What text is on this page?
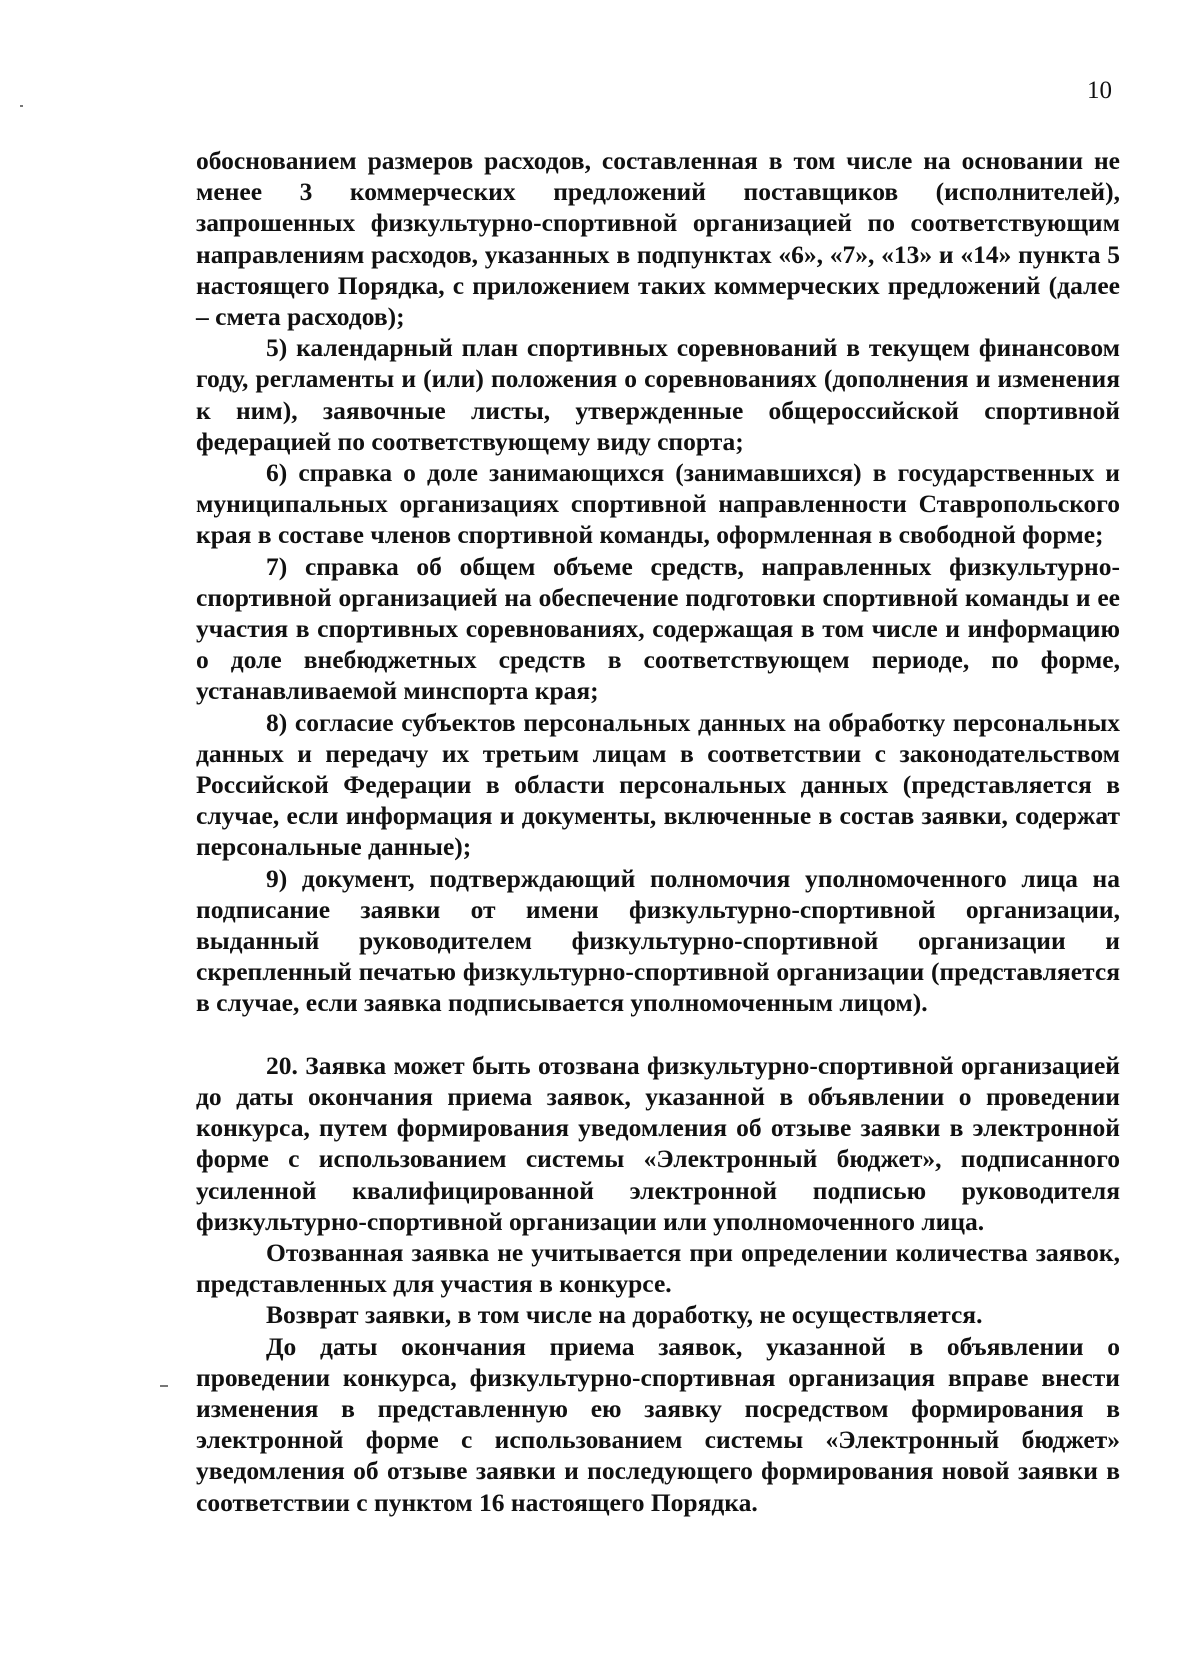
10

обоснованием размеров расходов, составленная в том числе на основании не менее 3 коммерческих предложений поставщиков (исполнителей), запрошенных физкультурно-спортивной организацией по соответствующим направлениям расходов, указанных в подпунктах «6», «7», «13» и «14» пункта 5 настоящего Порядка, с приложением таких коммерческих предложений (далее – смета расходов);

5) календарный план спортивных соревнований в текущем финансовом году, регламенты и (или) положения о соревнованиях (дополнения и изменения к ним), заявочные листы, утвержденные общероссийской спортивной федерацией по соответствующему виду спорта;

6) справка о доле занимающихся (занимавшихся) в государственных и муниципальных организациях спортивной направленности Ставропольского края в составе членов спортивной команды, оформленная в свободной форме;

7) справка об общем объеме средств, направленных физкультурно-спортивной организацией на обеспечение подготовки спортивной команды и ее участия в спортивных соревнованиях, содержащая в том числе и информацию о доле внебюджетных средств в соответствующем периоде, по форме, устанавливаемой минспорта края;

8) согласие субъектов персональных данных на обработку персональных данных и передачу их третьим лицам в соответствии с законодательством Российской Федерации в области персональных данных (представляется в случае, если информация и документы, включенные в состав заявки, содержат персональные данные);

9) документ, подтверждающий полномочия уполномоченного лица на подписание заявки от имени физкультурно-спортивной организации, выданный руководителем физкультурно-спортивной организации и скрепленный печатью физкультурно-спортивной организации (представляется в случае, если заявка подписывается уполномоченным лицом).

20. Заявка может быть отозвана физкультурно-спортивной организацией до даты окончания приема заявок, указанной в объявлении о проведении конкурса, путем формирования уведомления об отзыве заявки в электронной форме с использованием системы «Электронный бюджет», подписанного усиленной квалифицированной электронной подписью руководителя физкультурно-спортивной организации или уполномоченного лица.

Отозванная заявка не учитывается при определении количества заявок, представленных для участия в конкурсе.

Возврат заявки, в том числе на доработку, не осуществляется.

До даты окончания приема заявок, указанной в объявлении о проведении конкурса, физкультурно-спортивная организация вправе внести изменения в представленную ею заявку посредством формирования в электронной форме с использованием системы «Электронный бюджет» уведомления об отзыве заявки и последующего формирования новой заявки в соответствии с пунктом 16 настоящего Порядка.
